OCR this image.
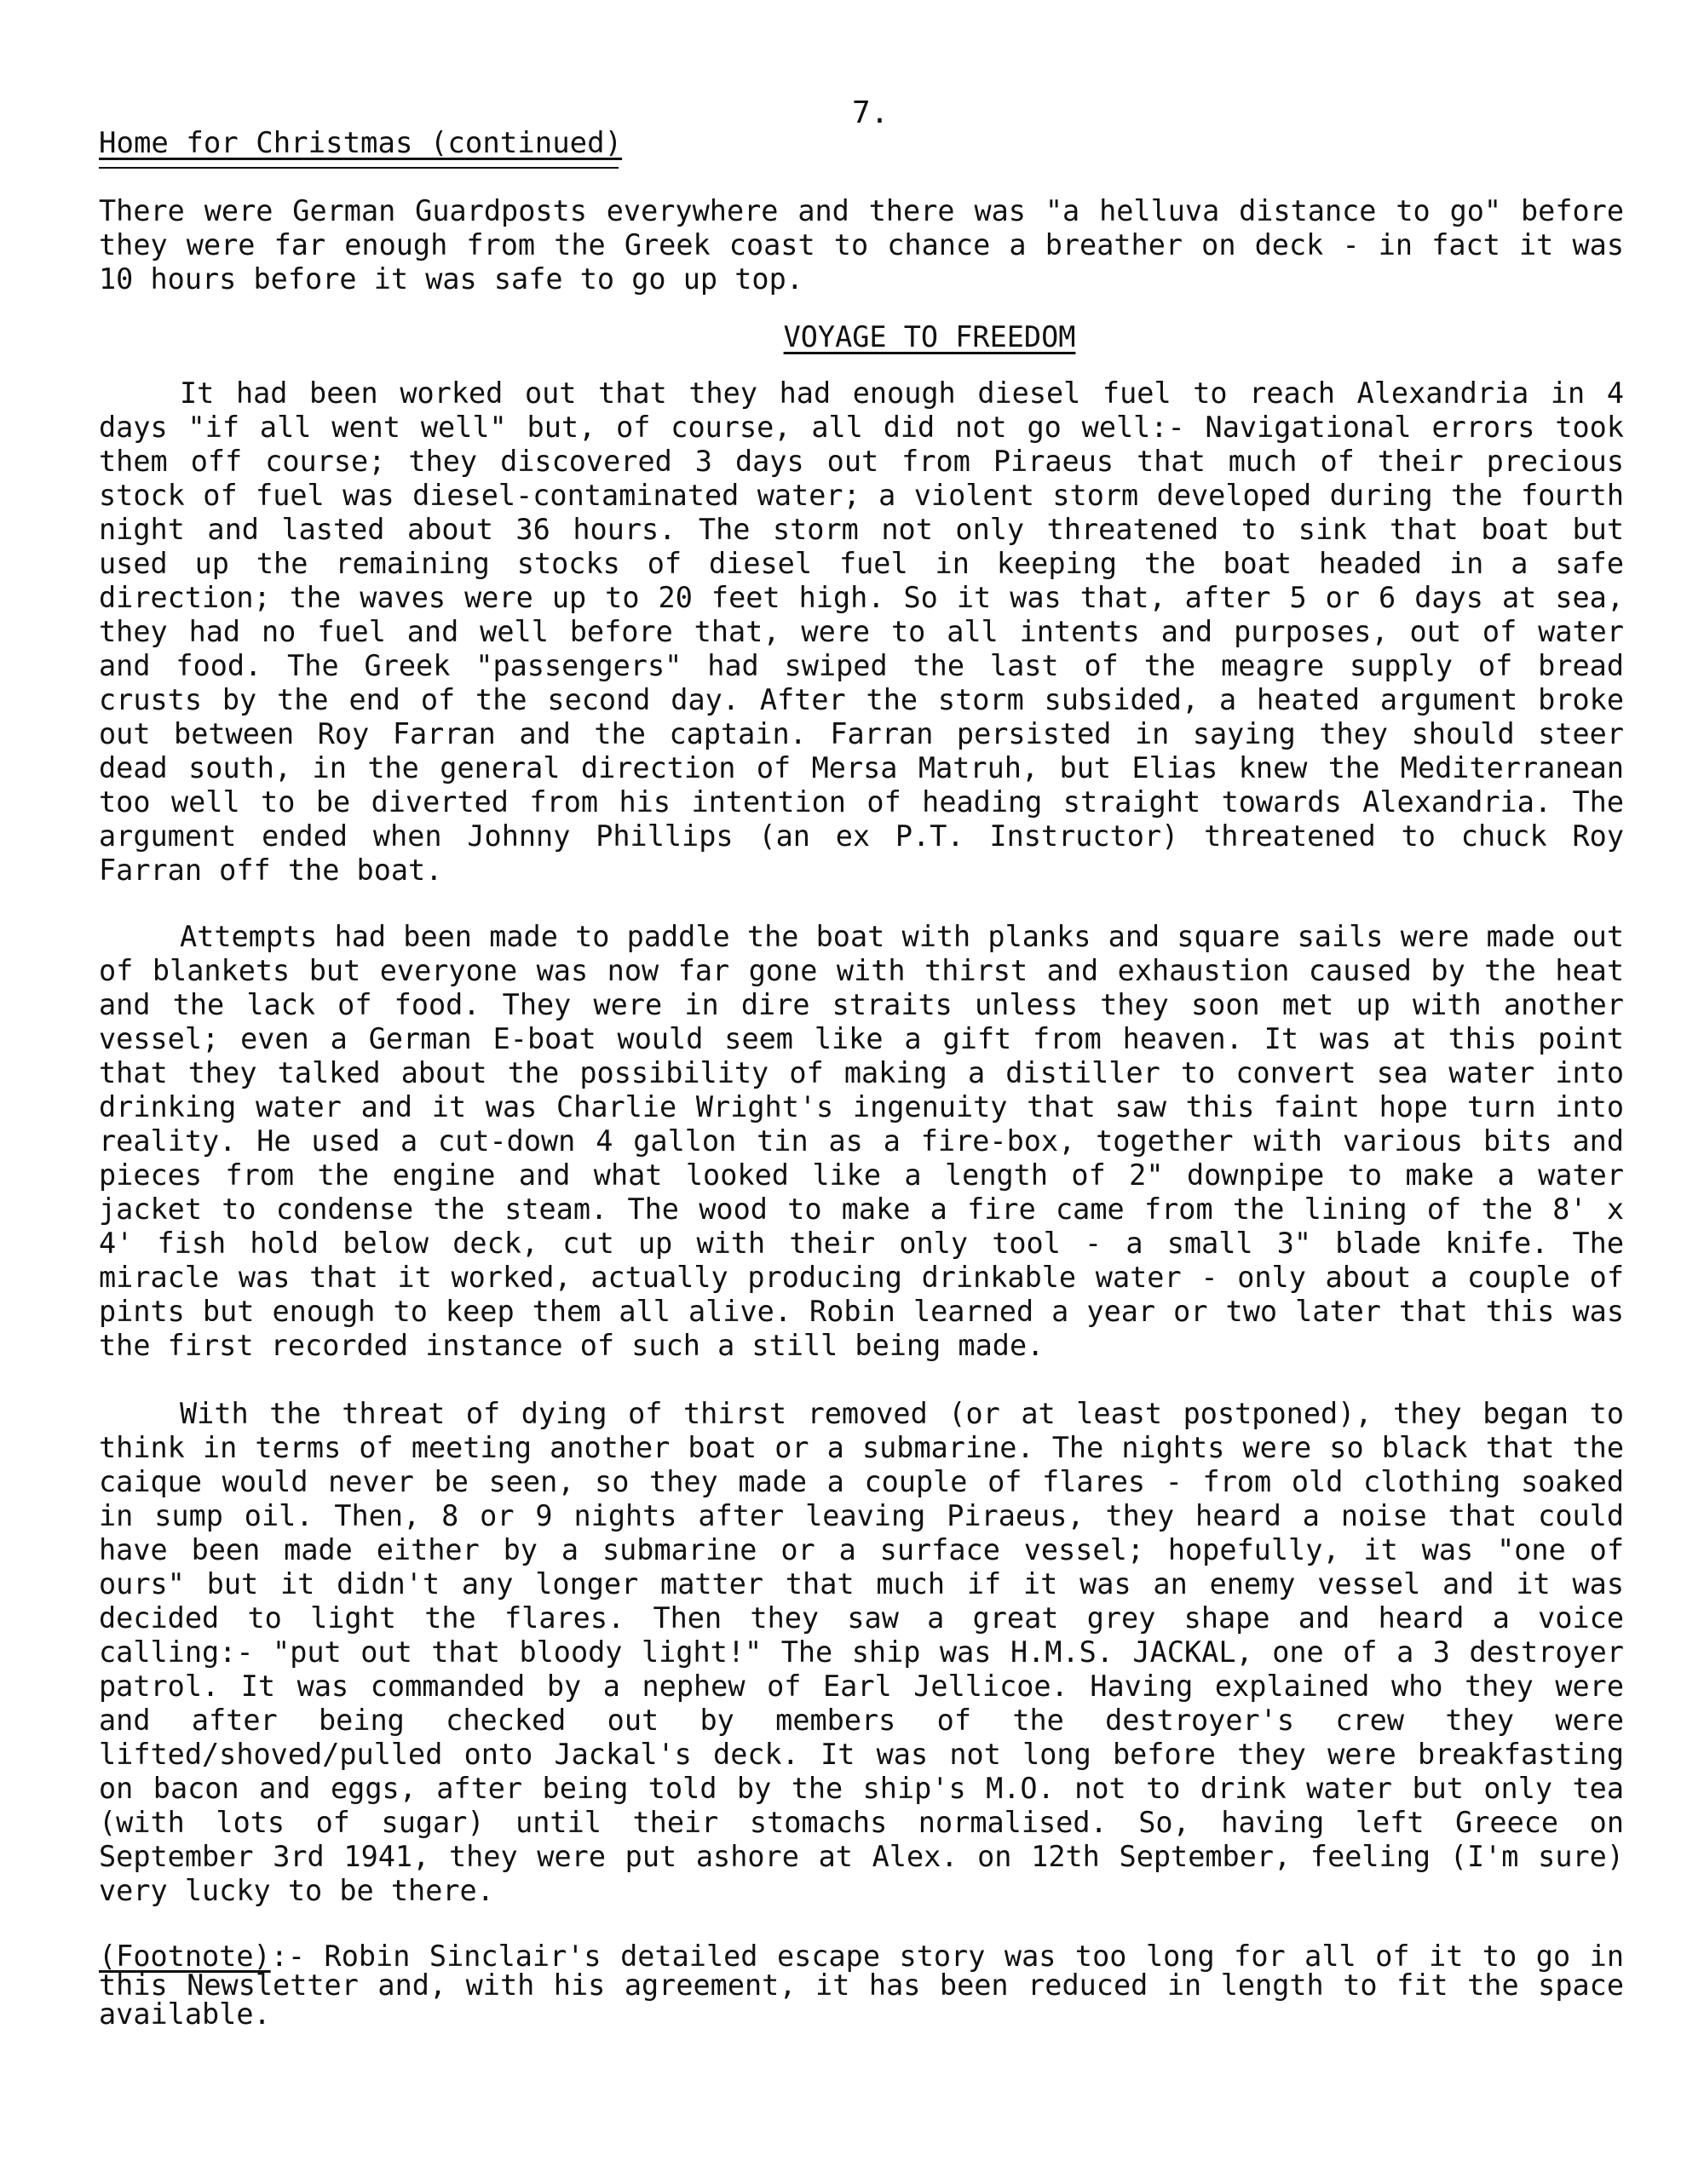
7.
Home for Christmas (continued)

There were German Guardposts everywhere and there was "a helluva distance to go" before they were far enough from the Greek coast to chance a breather on deck - in fact it was 10 hours before it was safe to go up top.

VOYAGE TO FREEDOM

It had been worked out that they had enough diesel fuel to reach Alexandria in 4 days "if all went well" but, of course, all did not go well:- Navigational errors took them off course; they discovered 3 days out from Piraeus that much of their precious stock of fuel was diesel-contaminated water; a violent storm developed during the fourth night and lasted about 36 hours. The storm not only threatened to sink that boat but used up the remaining stocks of diesel fuel in keeping the boat headed in a safe direction; the waves were up to 20 feet high. So it was that, after 5 or 6 days at sea, they had no fuel and well before that, were to all intents and purposes, out of water and food. The Greek "passengers" had swiped the last of the meagre supply of bread crusts by the end of the second day. After the storm subsided, a heated argument broke out between Roy Farran and the captain. Farran persisted in saying they should steer dead south, in the general direction of Mersa Matruh, but Elias knew the Mediterranean too well to be diverted from his intention of heading straight towards Alexandria. The argument ended when Johnny Phillips (an ex P.T. Instructor) threatened to chuck Roy Farran off the boat.

Attempts had been made to paddle the boat with planks and square sails were made out of blankets but everyone was now far gone with thirst and exhaustion caused by the heat and the lack of food. They were in dire straits unless they soon met up with another vessel; even a German E-boat would seem like a gift from heaven. It was at this point that they talked about the possibility of making a distiller to convert sea water into drinking water and it was Charlie Wright's ingenuity that saw this faint hope turn into reality. He used a cut-down 4 gallon tin as a fire-box, together with various bits and pieces from the engine and what looked like a length of 2" downpipe to make a water jacket to condense the steam. The wood to make a fire came from the lining of the 8' x 4' fish hold below deck, cut up with their only tool - a small 3" blade knife. The miracle was that it worked, actually producing drinkable water - only about a couple of pints but enough to keep them all alive. Robin learned a year or two later that this was the first recorded instance of such a still being made.

With the threat of dying of thirst removed (or at least postponed), they began to think in terms of meeting another boat or a submarine. The nights were so black that the caique would never be seen, so they made a couple of flares - from old clothing soaked in sump oil. Then, 8 or 9 nights after leaving Piraeus, they heard a noise that could have been made either by a submarine or a surface vessel; hopefully, it was "one of ours" but it didn't any longer matter that much if it was an enemy vessel and it was decided to light the flares. Then they saw a great grey shape and heard a voice calling:- "put out that bloody light!" The ship was H.M.S. JACKAL, one of a 3 destroyer patrol. It was commanded by a nephew of Earl Jellicoe. Having explained who they were and after being checked out by members of the destroyer's crew they were lifted/shoved/pulled onto Jackal's deck. It was not long before they were breakfasting on bacon and eggs, after being told by the ship's M.O. not to drink water but only tea (with lots of sugar) until their stomachs normalised. So, having left Greece on September 3rd 1941, they were put ashore at Alex. on 12th September, feeling (I'm sure) very lucky to be there.

(Footnote):- Robin Sinclair's detailed escape story was too long for all of it to go in this Newsletter and, with his agreement, it has been reduced in length to fit the space available.
